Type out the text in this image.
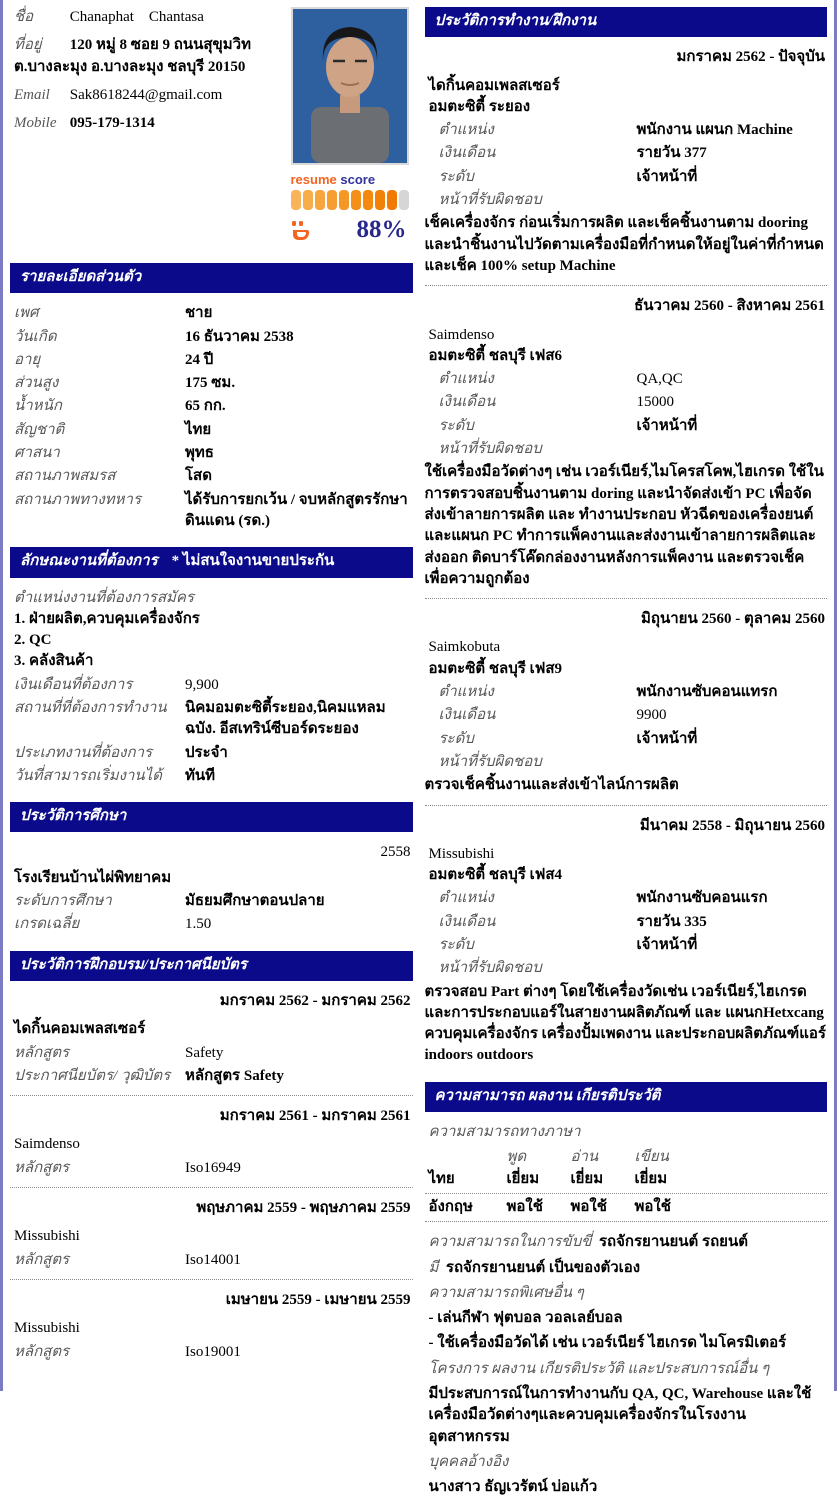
ชื่อ Chanaphat    Chantasa

ที่อยู่ 120 หมู่ 8 ซอย 9 ถนนสุขุมวิท ต.บางละมุง อ.บางละมุง ชลบุรี 20150

Email Sak8618244@gmail.com

Mobile 095-179-1314

resume score
88%
รายละเอียดส่วนตัว
เพศ	ชาย
วันเกิด	16 ธันวาคม 2538
อายุ	24 ปี
ส่วนสูง	175 ซม.
น้ำหนัก	65 กก.
สัญชาติ	ไทย
ศาสนา	พุทธ
สถานภาพสมรส	โสด
สถานภาพทางทหาร	ได้รับการยกเว้น / จบหลักสูตรรักษาดินแดน (รด.)
ลักษณะงานที่ต้องการ * ไม่สนใจงานขายประกัน
ตำแหน่งงานที่ต้องการสมัคร
1. ฝ่ายผลิต,ควบคุมเครื่องจักร
2. QC
3. คลังสินค้า
เงินเดือนที่ต้องการ	9,900
สถานที่ที่ต้องการทำงาน	นิคมอมตะซิตี้ระยอง,นิคมแหลมฉบัง. อีสเทริน์ซีบอร์ดระยอง
ประเภทงานที่ต้องการ	ประจำ
วันที่สามารถเริ่มงานได้	ทันที
ประวัติการศึกษา
2558
โรงเรียนบ้านไผ่พิทยาคม
ระดับการศึกษา	มัธยมศึกษาตอนปลาย
เกรดเฉลี่ย	1.50
ประวัติการฝึกอบรม/ประกาศนียบัตร
มกราคม 2562 - มกราคม 2562
ไดกิ้นคอมเพลสเซอร์
หลักสูตร	Safety
ประกาศนียบัตร/ วุฒิบัตร หลักสูตร Safety
มกราคม 2561 - มกราคม 2561
Saimdenso
หลักสูตร	Iso16949
พฤษภาคม 2559 - พฤษภาคม 2559
Missubishi
หลักสูตร	Iso14001
เมษายน 2559 - เมษายน 2559
Missubishi
หลักสูตร	Iso19001
ประวัติการทำงาน/ฝึกงาน
มกราคม 2562 - ปัจจุบัน
ไดกิ้นคอมเพลสเซอร์
อมตะซิตี้ ระยอง
ตำแหน่ง	พนักงาน แผนก Machine
เงินเดือน	รายวัน 377
ระดับ	เจ้าหน้าที่
หน้าที่รับผิดชอบ
เช็คเครื่องจักร ก่อนเริ่มการผลิต และเช็คชิ้นงานตาม dooring และนำชิ้นงานไปวัดตามเครื่องมือที่กำหนดให้อยู่ในค่าที่กำหนด และเช็ค 100% setup Machine
ธันวาคม 2560 - สิงหาคม 2561
Saimdenso
อมตะซิตี้ ชลบุรี เฟส6
ตำแหน่ง	QA,QC
เงินเดือน	15000
ระดับ	เจ้าหน้าที่
หน้าที่รับผิดชอบ
ใช้เครื่องมือวัดต่างๆ เช่น เวอร์เนียร์,ไมโครสโคพ,ไฮเกรด ใช้ในการตรวจสอบชิ้นงานตาม doring และนำจัดส่งเข้า PC เพื่อจัดส่งเข้าลายการผลิต และ ทำงานประกอบ หัวฉีดของเครื่องยนต์ และแผนก PC ทำการแพ็คงานและส่งงานเข้าลายการผลิตและส่งออก ติดบาร์โค๊ดกล่องงานหลังการแพ็คงาน และตรวจเช็คเพื่อความถูกต้อง
มิถุนายน 2560 - ตุลาคม 2560
Saimkobuta
อมตะซิตี้ ชลบุรี เฟส9
ตำแหน่ง	พนักงานซับคอนแทรก
เงินเดือน	9900
ระดับ	เจ้าหน้าที่
หน้าที่รับผิดชอบ
ตรวจเช็คชิ้นงานและส่งเข้าไลน์การผลิต
มีนาคม 2558 - มิถุนายน 2560
Missubishi
อมตะซิตี้ ชลบุรี เฟส4
ตำแหน่ง	พนักงานซับคอนแรก
เงินเดือน	รายวัน 335
ระดับ	เจ้าหน้าที่
หน้าที่รับผิดชอบ
ตรวจสอบ Part ต่างๆ โดยใช้เครื่องวัดเช่น เวอร์เนียร์,ไฮเกรด และการประกอบแอร์ในสายงานผลิตภัณฑ์ และ แผนกHetxcang ควบคุมเครื่องจักร เครื่องปั้มเพดงาน และประกอบผลิตภัณฑ์แอร์ indoors outdoors
ความสามารถ ผลงาน เกียรติประวัติ

ความสามารถทางภาษา

พูด	อ่าน	เขียน
ไทย	เยี่ยม	เยี่ยม	เยี่ยม
อังกฤษ	พอใช้	พอใช้	พอใช้

ความสามารถในการขับขี่ รถจักรยานยนต์ รถยนต์

มี รถจักรยานยนต์ เป็นของตัวเอง

ความสามารถพิเศษอื่น ๆ

- เล่นกีฬา ฟุตบอล วอลเลย์บอล

- ใช้เครื่องมือวัดได้ เช่น เวอร์เนียร์ ไฮเกรด ไมโครมิเตอร์

โครงการ ผลงาน เกียรติประวัติ และประสบการณ์อื่น ๆ

มีประสบการณ์ในการทำงานกับ QA, QC, Warehouse และใช้เครื่องมือวัดต่างๆและควบคุมเครื่องจักรในโรงงานอุตสาหกรรม

บุคคลอ้างอิง

นางสาว ธัญเวรัตน์ บ่อแก้ว
